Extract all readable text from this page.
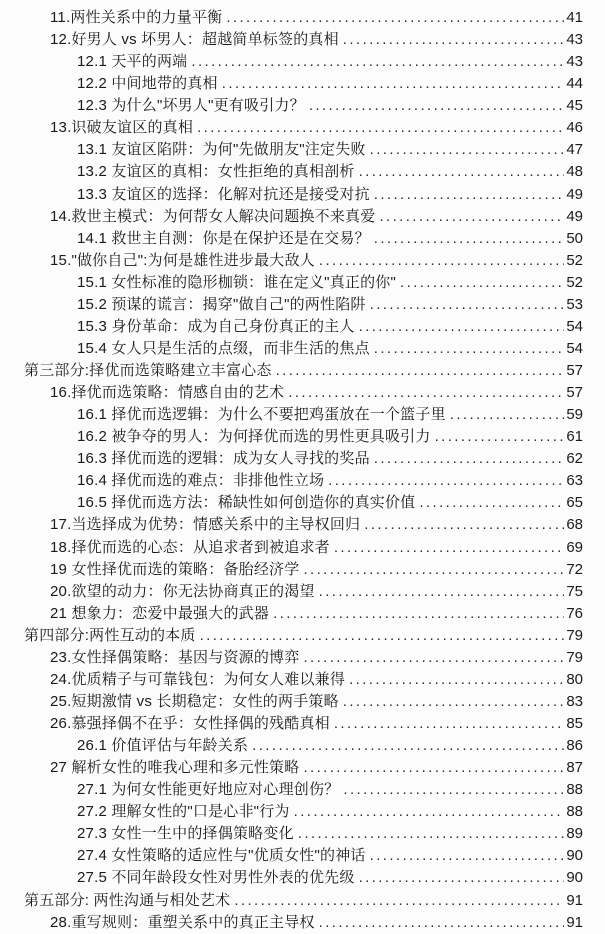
11.两性关系中的力量平衡 .....	41
12.好男人 vs 坏男人：超越简单标签的真相 .....	43
12.1 天平的两端 .....	43
12.2 中间地带的真相 .....	44
12.3 为什么"坏男人"更有吸引力？ .....	45
13.识破友谊区的真相 .....	46
13.1 友谊区陷阱：为何"先做朋友"注定失败 .....	47
13.2 友谊区的真相：女性拒绝的真相剖析 .....	48
13.3 友谊区的选择：化解对抗还是接受对抗 .....	49
14.救世主模式：为何帮女人解决问题换不来真爱 .....	49
14.1 救世主自测：你是在保护还是在交易？ .....	50
15."做你自己":为何是雄性进步最大敌人 .....	52
15.1 女性标准的隐形枷锁：谁在定义"真正的你" .....	52
15.2 预谋的谎言：揭穿"做自己"的两性陷阱 .....	53
15.3 身份革命：成为自己身份真正的主人 .....	54
15.4 女人只是生活的点缀，而非生活的焦点 .....	54
第三部分:择优而选策略建立丰富心态 .....	57
16.择优而选策略：情感自由的艺术 .....	57
16.1 择优而选逻辑：为什么不要把鸡蛋放在一个篮子里 .....	59
16.2 被争夺的男人：为何择优而选的男性更具吸引力 .....	61
16.3 择优而选的逻辑：成为女人寻找的奖品 .....	62
16.4 择优而选的难点：非排他性立场 .....	63
16.5 择优而选方法：稀缺性如何创造你的真实价值 .....	65
17.当选择成为优势：情感关系中的主导权回归 .....	68
18.择优而选的心态：从追求者到被追求者 .....	69
19 女性择优而选的策略：备胎经济学 .....	72
20.欲望的动力：你无法协商真正的渴望 .....	75
21 想象力：恋爱中最强大的武器 .....	76
第四部分:两性互动的本质 .....	79
23.女性择偶策略：基因与资源的博弈 .....	79
24.优质精子与可靠钱包：为何女人难以兼得 .....	80
25.短期激情 vs 长期稳定：女性的两手策略 .....	83
26.慕强择偶不在乎：女性择偶的残酷真相 .....	85
26.1 价值评估与年龄关系 .....	86
27 解析女性的唯我心理和多元性策略 .....	87
27.1 为何女性能更好地应对心理创伤？ .....	88
27.2 理解女性的"口是心非"行为 .....	88
27.3 女性一生中的择偶策略变化 .....	89
27.4 女性策略的适应性与"优质女性"的神话 .....	90
27.5 不同年龄段女性对男性外表的优先级 .....	90
第五部分: 两性沟通与相处艺术 .....	91
28.重写规则：重塑关系中的真正主导权 .....	91
